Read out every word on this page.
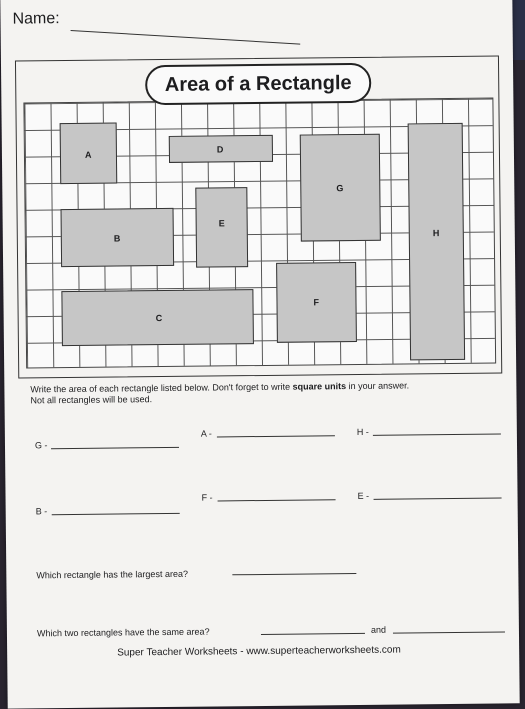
Name:
A
D
G
H
E
B
F
C
Area of a Rectangle
Write the area of each rectangle listed below. Don't forget to write square units in your answer.
Not all rectangles will be used.
G -
A -	H -
B -
F -	E -
Which rectangle has the largest area?
Which two rectangles have the same area?	and
Super Teacher Worksheets - www.superteacherworksheets.com
